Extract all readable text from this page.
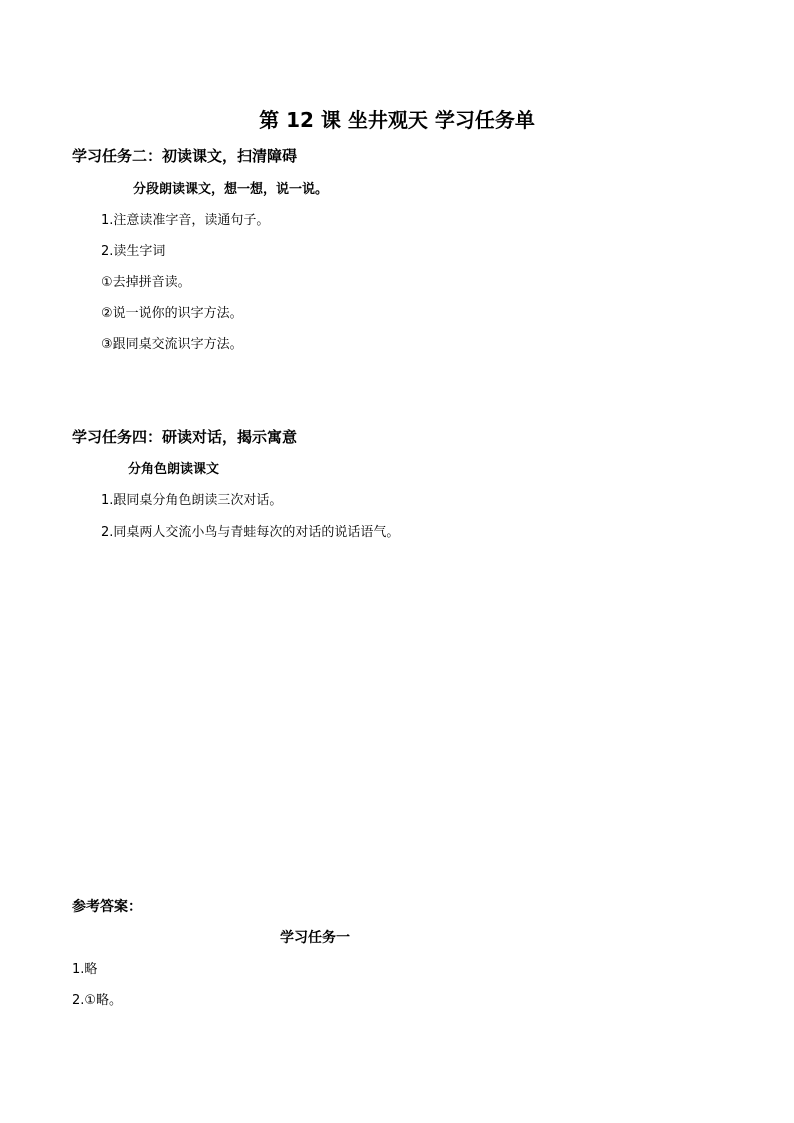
第 12 课 坐井观天 学习任务单
学习任务二：初读课文，扫清障碍
分段朗读课文，想一想，说一说。
1.注意读准字音，读通句子。
2.读生字词
①去掉拼音读。
②说一说你的识字方法。
③跟同桌交流识字方法。
学习任务四：研读对话，揭示寓意
分角色朗读课文
1.跟同桌分角色朗读三次对话。
2.同桌两人交流小鸟与青蛙每次的对话的说话语气。
参考答案：
学习任务一
1.略
2.①略。
